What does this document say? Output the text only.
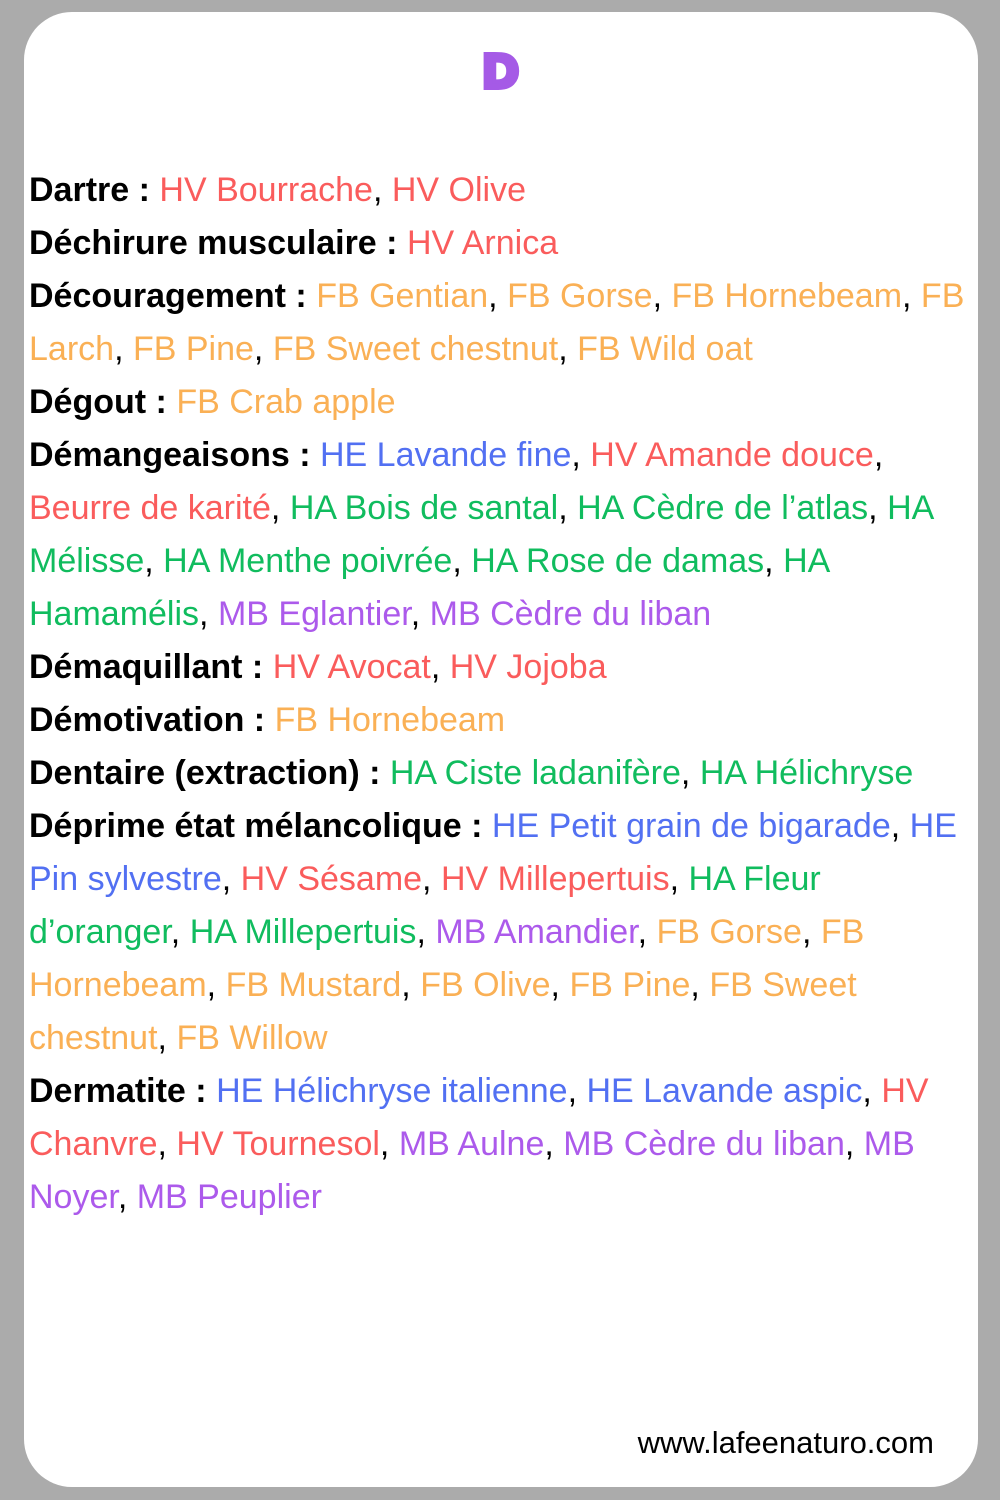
D

Dartre : HV Bourrache, HV Olive

Déchirure musculaire : HV Arnica

Découragement : FB Gentian, FB Gorse, FB Hornebeam, FB Larch, FB Pine, FB Sweet chestnut, FB Wild oat

Dégout : FB Crab apple

Démangeaisons : HE Lavande fine, HV Amande douce, Beurre de karité, HA Bois de santal, HA Cèdre de l’atlas, HA Mélisse, HA Menthe poivrée, HA Rose de damas, HA Hamamélis, MB Eglantier, MB Cèdre du liban

Démaquillant : HV Avocat, HV Jojoba

Démotivation : FB Hornebeam

Dentaire (extraction) : HA Ciste ladanifère, HA Hélichryse

Déprime état mélancolique : HE Petit grain de bigarade, HE Pin sylvestre, HV Sésame, HV Millepertuis, HA Fleur d’oranger, HA Millepertuis, MB Amandier, FB Gorse, FB Hornebeam, FB Mustard, FB Olive, FB Pine, FB Sweet chestnut, FB Willow

Dermatite : HE Hélichryse italienne, HE Lavande aspic, HV Chanvre, HV Tournesol, MB Aulne, MB Cèdre du liban, MB Noyer, MB Peuplier

www.lafeenaturo.com
